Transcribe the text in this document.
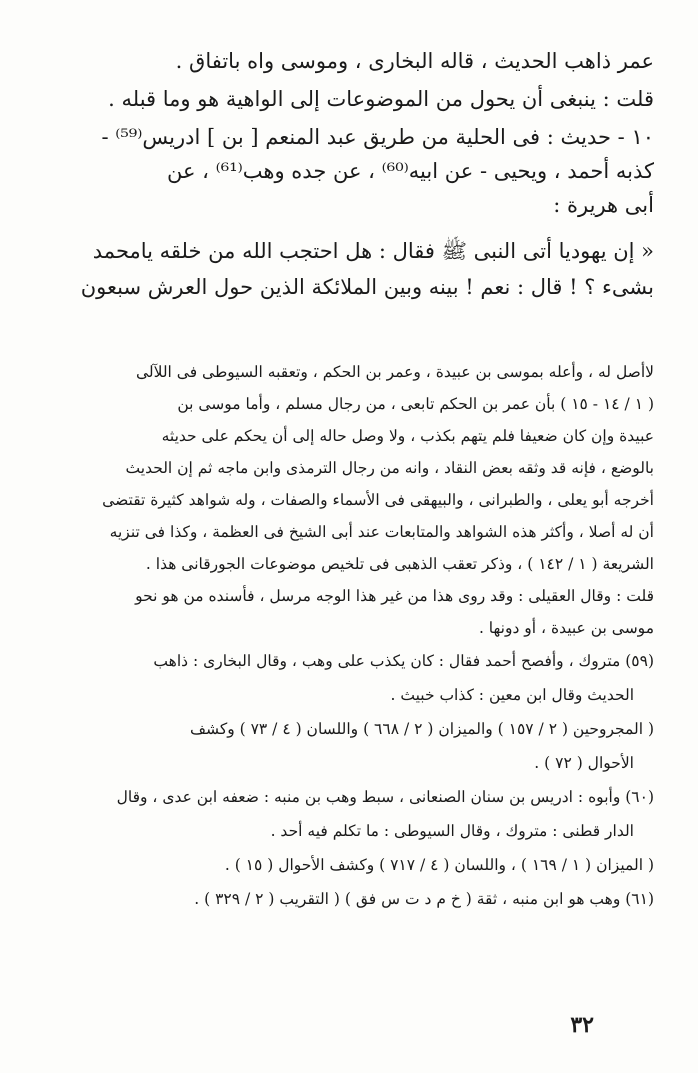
عمر ذاهب الحديث ، قاله البخارى ، وموسى واه باتفاق .

قلت : ينبغى أن يحول من الموضوعات إلى الواهية هو وما قبله .

١٠ - حديث : فى الحلية من طريق عبد المنعم [ بن ] ادريس⁽⁵⁹⁾ -

كذبه أحمد ، ويحيى - عن ابيه⁽⁶⁰⁾ ، عن جده وهب⁽⁶¹⁾ ، عن

أبى هريرة :

« إن يهوديا أتى النبى ﷺ فقال : هل احتجب الله من خلقه يامحمد

بشىء ؟ ! قال : نعم ! بينه وبين الملائكة الذين حول العرش سبعون

لاأصل له ، وأعله بموسى بن عبيدة ، وعمر بن الحكم ، وتعقبه السيوطى فى اللآلى

( ١ / ١٤ - ١٥ ) بأن عمر بن الحكم تابعى ، من رجال مسلم ، وأما موسى بن

عبيدة وإن كان ضعيفا فلم يتهم بكذب ، ولا وصل حاله إلى أن يحكم على حديثه

بالوضع ، فإنه قد وثقه بعض النقاد ، وانه من رجال الترمذى وابن ماجه ثم إن الحديث

أخرجه أبو يعلى ، والطبرانى ، والبيهقى فى الأسماء والصفات ، وله شواهد كثيرة تقتضى

أن له أصلا ، وأكثر هذه الشواهد والمتابعات عند أبى الشيخ فى العظمة ، وكذا فى تنزيه

الشريعة ( ١ / ١٤٢ ) ، وذكر تعقب الذهبى فى تلخيص موضوعات الجورقانى هذا .

قلت : وقال العقيلى : وقد روى هذا من غير هذا الوجه مرسل ، فأسنده من هو نحو

موسى بن عبيدة ، أو دونها .

(٥٩) متروك ، وأفصح أحمد فقال : كان يكذب على وهب ، وقال البخارى : ذاهب

الحديث وقال ابن معين : كذاب خبيث .

( المجروحين ( ٢ / ١٥٧ ) والميزان ( ٢ / ٦٦٨ ) واللسان ( ٤ / ٧٣ ) وكشف

الأحوال ( ٧٢ ) .

(٦٠) وأبوه : ادريس بن سنان الصنعانى ، سبط وهب بن منبه : ضعفه ابن عدى ، وقال

الدار قطنى : متروك ، وقال السيوطى : ما تكلم فيه أحد .

( الميزان ( ١ / ١٦٩ ) ، واللسان ( ٤ / ٧١٧ ) وكشف الأحوال ( ١٥ ) .

(٦١) وهب هو ابن منبه ، ثقة ( خ م د ت س فق ) ( التقريب ( ٢ / ٣٢٩ ) .

٣٢
